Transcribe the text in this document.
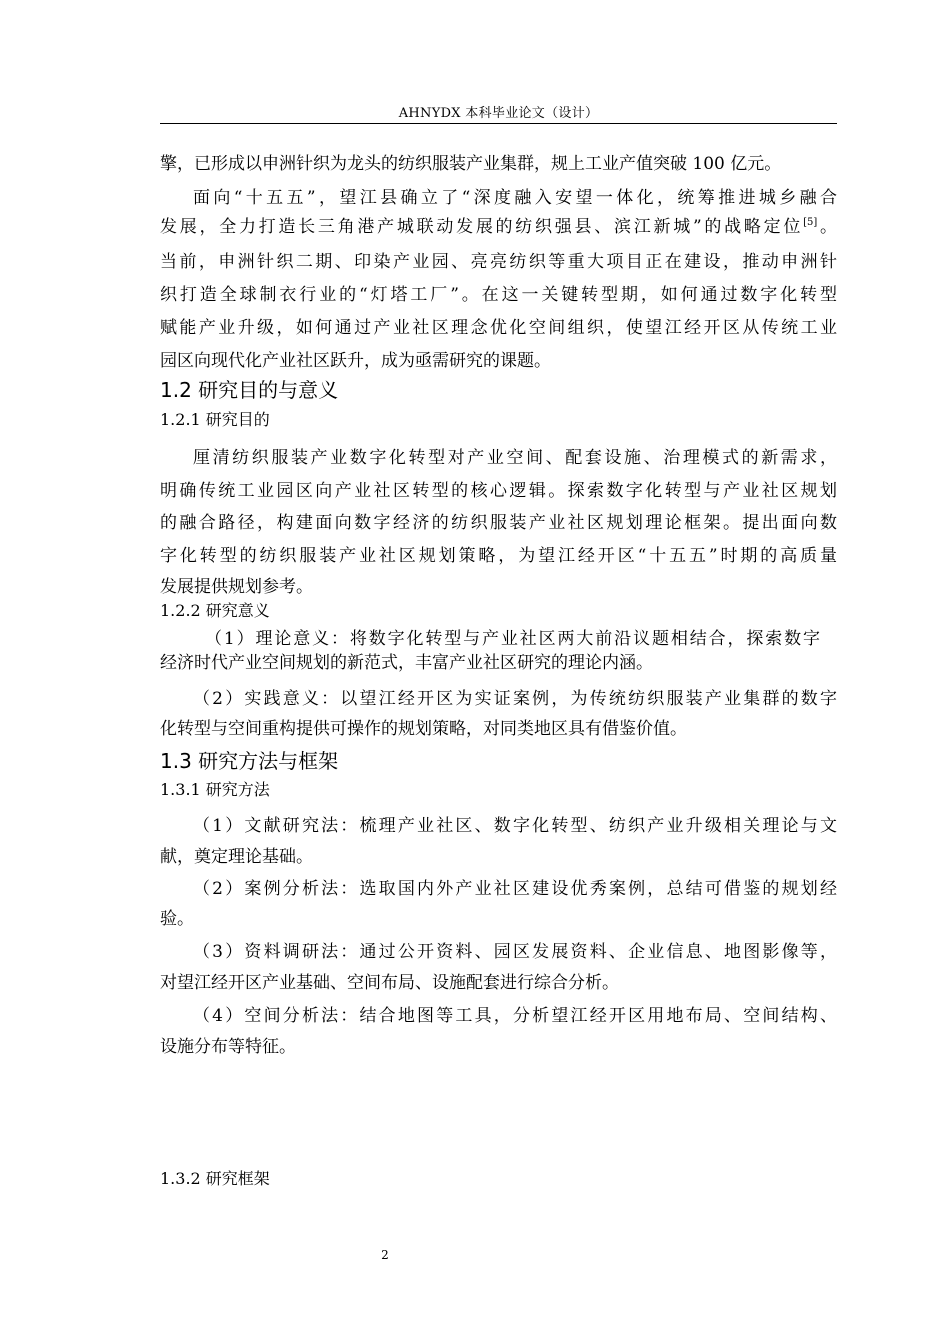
AHNYDX 本科毕业论文（设计）
擎，已形成以申洲针织为龙头的纺织服装产业集群，规上工业产值突破 100 亿元。
面向“十五五”，望江县确立了“深度融入安望一体化，统筹推进城乡融合
发展，全力打造长三角港产城联动发展的纺织强县、滨江新城”的战略定位[5]。
当前，申洲针织二期、印染产业园、亮亮纺织等重大项目正在建设，推动申洲针
织打造全球制衣行业的“灯塔工厂”。在这一关键转型期，如何通过数字化转型
赋能产业升级，如何通过产业社区理念优化空间组织，使望江经开区从传统工业
园区向现代化产业社区跃升，成为亟需研究的课题。
1.2 研究目的与意义
1.2.1 研究目的
厘清纺织服装产业数字化转型对产业空间、配套设施、治理模式的新需求，
明确传统工业园区向产业社区转型的核心逻辑。探索数字化转型与产业社区规划
的融合路径，构建面向数字经济的纺织服装产业社区规划理论框架。提出面向数
字化转型的纺织服装产业社区规划策略，为望江经开区“十五五”时期的高质量
发展提供规划参考。
1.2.2 研究意义
（1）理论意义：将数字化转型与产业社区两大前沿议题相结合，探索数字
经济时代产业空间规划的新范式，丰富产业社区研究的理论内涵。
（2）实践意义：以望江经开区为实证案例，为传统纺织服装产业集群的数字
化转型与空间重构提供可操作的规划策略，对同类地区具有借鉴价值。
1.3 研究方法与框架
1.3.1 研究方法
（1）文献研究法：梳理产业社区、数字化转型、纺织产业升级相关理论与文
献，奠定理论基础。
（2）案例分析法：选取国内外产业社区建设优秀案例，总结可借鉴的规划经
验。
（3）资料调研法：通过公开资料、园区发展资料、企业信息、地图影像等，
对望江经开区产业基础、空间布局、设施配套进行综合分析。
（4）空间分析法：结合地图等工具，分析望江经开区用地布局、空间结构、
设施分布等特征。
1.3.2 研究框架
2
